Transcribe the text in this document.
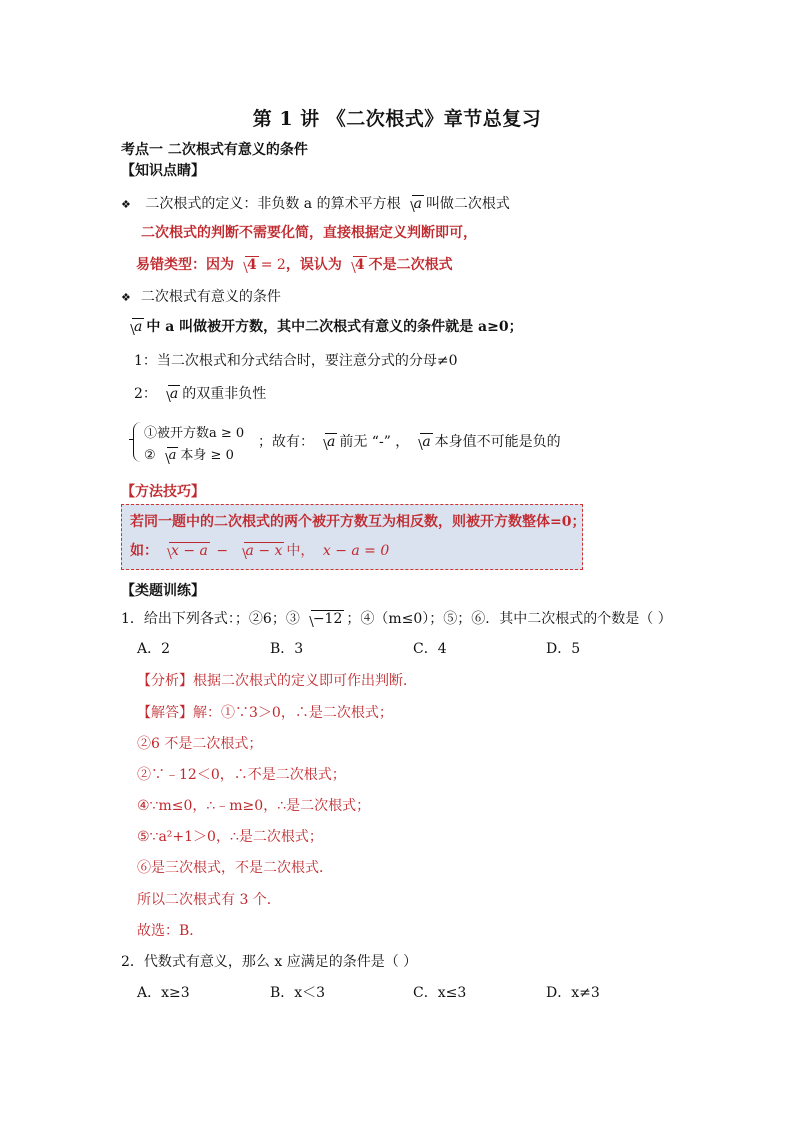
第 1 讲 《二次根式》章节总复习
考点一 二次根式有意义的条件
【知识点睛】
❖ 二次根式的定义：非负数 a 的算术平方根 a 叫做二次根式
二次根式的判断不需要化简，直接根据定义判断即可，
易错类型：因为 4 = 2，误认为 4 不是二次根式
❖ 二次根式有意义的条件
a 中 a 叫做被开方数，其中二次根式有意义的条件就是 a≥0；
1：当二次根式和分式结合时，要注意分式的分母≠0
2： a 的双重非负性
①被开方数a ≥ 0
② a 本身 ≥ 0
；故有： a 前无 “-” ， a 本身值不可能是负的
【方法技巧】
若同一题中的二次根式的两个被开方数互为相反数，则被开方数整体=0；
如： x − a − a − x 中， x − a = 0
【类题训练】
1．给出下列各式：；②6；③ −12 ；④（m≤0）；⑤；⑥．其中二次根式的个数是（ ）
A．2	B．3	C．4	D．5
【分析】根据二次根式的定义即可作出判断．
【解答】解：①∵3＞0，∴是二次根式；
②6 不是二次根式；
②∵﹣12＜0，∴不是二次根式；
④∵m≤0，∴﹣m≥0，∴是二次根式；
⑤∵a²+1＞0，∴是二次根式；
⑥是三次根式，不是二次根式．
所以二次根式有 3 个．
故选：B．
2．代数式有意义，那么 x 应满足的条件是（ ）
A．x≥3	B．x＜3	C．x≤3	D．x≠3
